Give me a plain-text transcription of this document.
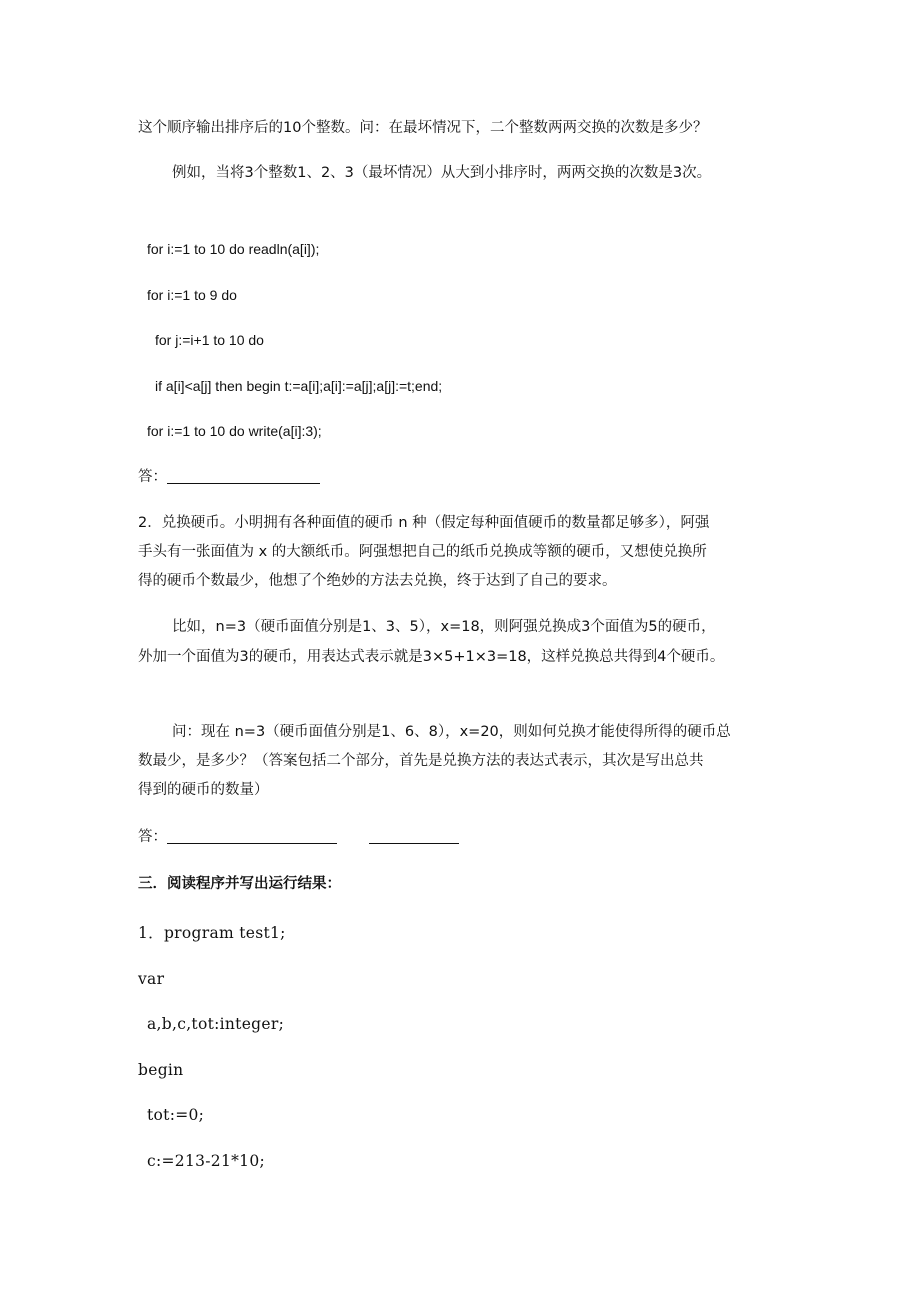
这个顺序输出排序后的10个整数。问：在最坏情况下，二个整数两两交换的次数是多少？
例如，当将3个整数1、2、3（最坏情况）从大到小排序时，两两交换的次数是3次。
for i:=1 to 10 do readln(a[i]);
for i:=1 to 9 do
for j:=i+1 to 10 do
if a[i]<a[j] then begin t:=a[i];a[i]:=a[j];a[j]:=t;end;
for i:=1 to 10 do write(a[i]:3);
答：
2．兑换硬币。小明拥有各种面值的硬币 n 种（假定每种面值硬币的数量都足够多），阿强
手头有一张面值为 x 的大额纸币。阿强想把自己的纸币兑换成等额的硬币，又想使兑换所
得的硬币个数最少，他想了个绝妙的方法去兑换，终于达到了自己的要求。
比如，n=3（硬币面值分别是1、3、5），x=18，则阿强兑换成3个面值为5的硬币，
外加一个面值为3的硬币，用表达式表示就是3×5+1×3=18，这样兑换总共得到4个硬币。
问：现在 n=3（硬币面值分别是1、6、8），x=20，则如何兑换才能使得所得的硬币总
数最少，是多少？（答案包括二个部分，首先是兑换方法的表达式表示，其次是写出总共
得到的硬币的数量）
答：
三．阅读程序并写出运行结果：
1．program test1;
var
a,b,c,tot:integer;
begin
tot:=0;
c:=213-21*10;
